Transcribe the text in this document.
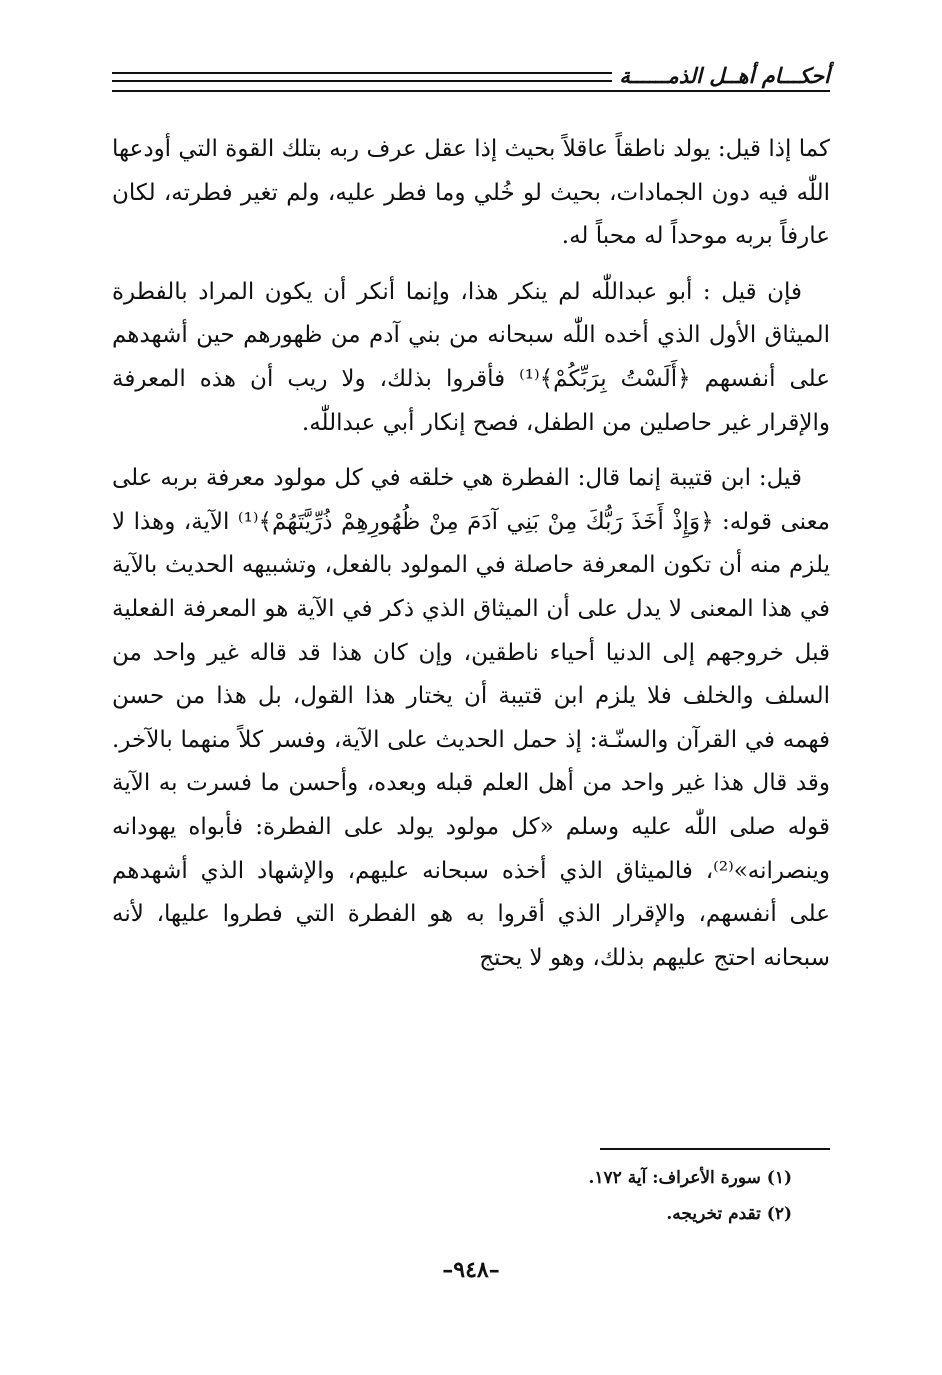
أحكـــام أهــل الذمــــــة

كما إذا قيل: يولد ناطقاً عاقلاً بحيث إذا عقل عرف ربه بتلك القوة التي أودعها اللّٰه فيه دون الجمادات، بحيث لو خُلي وما فطر عليه، ولم تغير فطرته، لكان عارفاً بربه موحداً له محباً له.

فإن قيل : أبو عبداللّٰه لم ينكر هذا، وإنما أنكر أن يكون المراد بالفطرة الميثاق الأول الذي أخده اللّٰه سبحانه من بني آدم من ظهورهم حين أشهدهم على أنفسهم ﴿أَلَسْتُ بِرَبِّكُمْ﴾⁽¹⁾ فأقروا بذلك، ولا ريب أن هذه المعرفة والإقرار غير حاصلين من الطفل، فصح إنكار أبي عبداللّٰه.

قيل: ابن قتيبة إنما قال: الفطرة هي خلقه في كل مولود معرفة بربه على معنى قوله: ﴿وَإِذْ أَخَذَ رَبُّكَ مِنْ بَنِي آدَمَ مِنْ ظُهُورِهِمْ ذُرِّيَّتَهُمْ﴾⁽¹⁾ الآية، وهذا لا يلزم منه أن تكون المعرفة حاصلة في المولود بالفعل، وتشبيهه الحديث بالآية في هذا المعنى لا يدل على أن الميثاق الذي ذكر في الآية هو المعرفة الفعلية قبل خروجهم إلى الدنيا أحياء ناطقين، وإن كان هذا قد قاله غير واحد من السلف والخلف فلا يلزم ابن قتيبة أن يختار هذا القول، بل هذا من حسن فهمه في القرآن والسنّـة: إذ حمل الحديث على الآية، وفسر كلاً منهما بالآخر. وقد قال هذا غير واحد من أهل العلم قبله وبعده، وأحسن ما فسرت به الآية قوله صلى اللّٰه عليه وسلم «كل مولود يولد على الفطرة: فأبواه يهودانه وينصرانه»⁽²⁾، فالميثاق الذي أخذه سبحانه عليهم، والإشهاد الذي أشهدهم على أنفسهم، والإقرار الذي أقروا به هو الفطرة التي فطروا عليها، لأنه سبحانه احتج عليهم بذلك، وهو لا يحتج

(١) سورة الأعراف: آية ١٧٢.
(٢) تقدم تخريجه.
–٩٤٨–
